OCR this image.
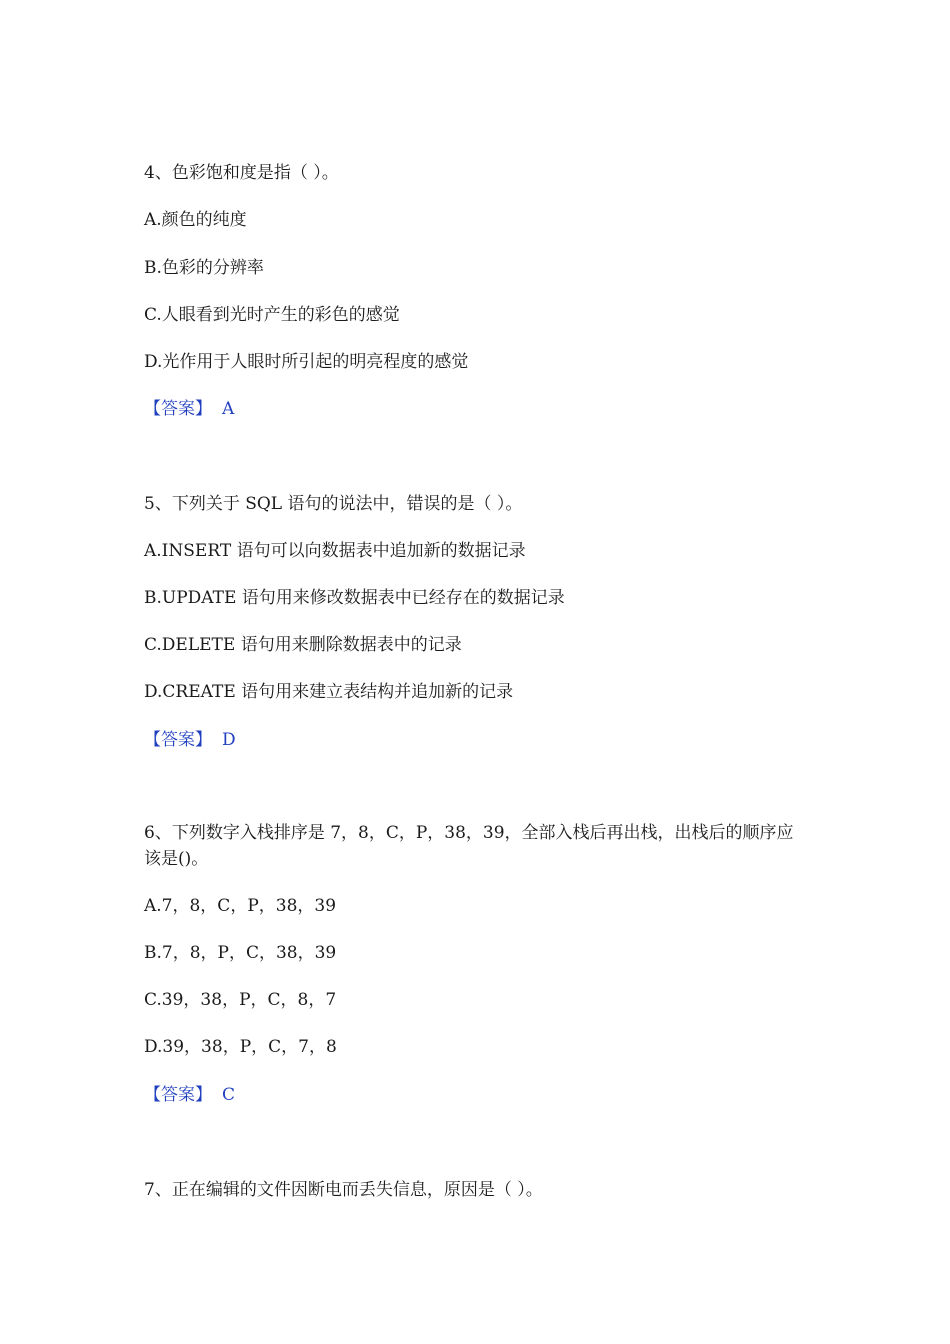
4、色彩饱和度是指（ ）。
A.颜色的纯度
B.色彩的分辨率
C.人眼看到光时产生的彩色的感觉
D.光作用于人眼时所引起的明亮程度的感觉
【答案】 A
5、下列关于 SQL 语句的说法中，错误的是（ ）。
A.INSERT 语句可以向数据表中追加新的数据记录
B.UPDATE 语句用来修改数据表中已经存在的数据记录
C.DELETE 语句用来删除数据表中的记录
D.CREATE 语句用来建立表结构并追加新的记录
【答案】 D
6、下列数字入栈排序是 7，8，C，P，38，39，全部入栈后再出栈，出栈后的顺序应该是()。
A.7，8，C，P，38，39
B.7，8，P，C，38，39
C.39，38，P，C，8，7
D.39，38，P，C，7，8
【答案】 C
7、正在编辑的文件因断电而丢失信息，原因是（ ）。
